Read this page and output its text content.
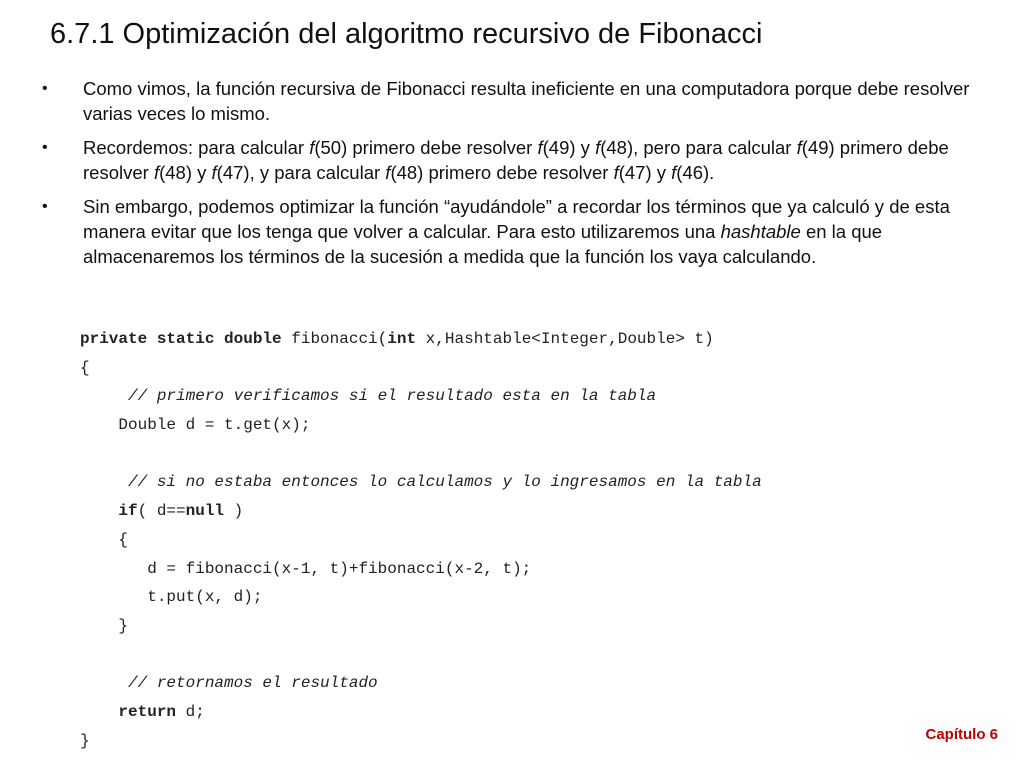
6.7.1 Optimización del algoritmo recursivo de Fibonacci
• Como vimos, la función recursiva de Fibonacci resulta ineficiente en una computadora porque debe resolver varias veces lo mismo.
• Recordemos: para calcular f(50) primero debe resolver f(49) y f(48), pero para calcular f(49) primero debe resolver f(48) y f(47), y para calcular f(48) primero debe resolver f(47) y f(46).
• Sin embargo, podemos optimizar la función “ayudándole” a recordar los términos que ya calculó y de esta manera evitar que los tenga que volver a calcular. Para esto utilizaremos una hashtable en la que almacenaremos los términos de la sucesión a medida que la función los vaya calculando.
private static double fibonacci(int x,Hashtable<Integer,Double> t)
{
// primero verificamos si el resultado esta en la tabla
Double d = t.get(x);
// si no estaba entonces lo calculamos y lo ingresamos en la tabla
if( d==null )
{
d = fibonacci(x-1, t)+fibonacci(x-2, t);
t.put(x, d);
}
// retornamos el resultado
return d;
}	Capítulo 6
